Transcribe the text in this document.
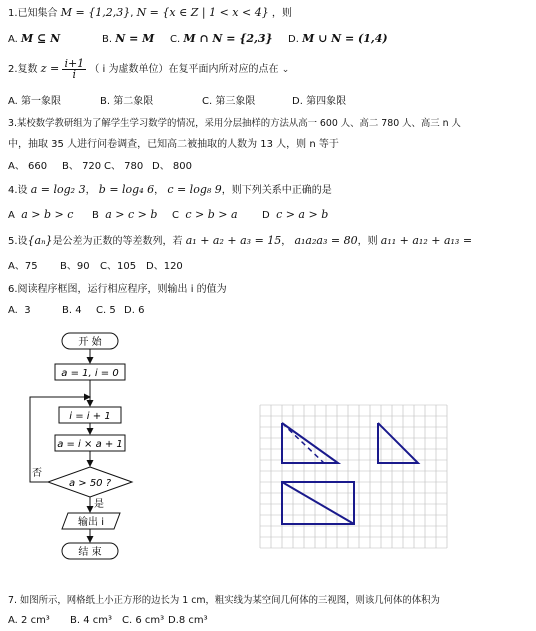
1.已知集合 M = {1,2,3}, N = {x ∈ Z | 1 < x < 4} ，则
A. M ⊆ N	B. N = M C. M ∩ N = {2,3} D. M ∪ N = (1,4)
2.复数 $z = \frac{i+1}{i}$ （ i 为虚数单位）在复平面内所对应的点在 ⌄
A. 第一象限	B. 第二象限	C. 第三象限	D. 第四象限
3.某校数学教研组为了解学生学习数学的情况，采用分层抽样的方法从高一 600 人、高二 780 人、高三 n 人
中，抽取 35 人进行问卷调查，已知高二被抽取的人数为 13 人，则 n 等于
A、 660 B、 720 C、 780 D、 800
4.设 a = log₂ 3， b = log₄ 6， c = log₈ 9，则下列关系中正确的是
A a > b > c B a > c > b C c > b > a D c > a > b
5.设{aₙ}是公差为正数的等差数列，若 a₁ + a₂ + a₃ = 15， a₁a₂a₃ = 80，则 a₁₁ + a₁₂ + a₁₃ =
A、75 B、90 C、105 D、120
6.阅读程序框图，运行相应程序，则输出 i 的值为
A. 3	B. 4 C. 5 D. 6
开 始
a = 1, i = 0
i = i + 1
a = i × a + 1
a > 50 ?
否
是
输出 i
结 束
7. 如图所示，网格纸上小正方形的边长为 1 cm，粗实线为某空间几何体的三视图，则该几何体的体积为
A. 2 cm³ B. 4 cm³ C. 6 cm³ D.8 cm³
